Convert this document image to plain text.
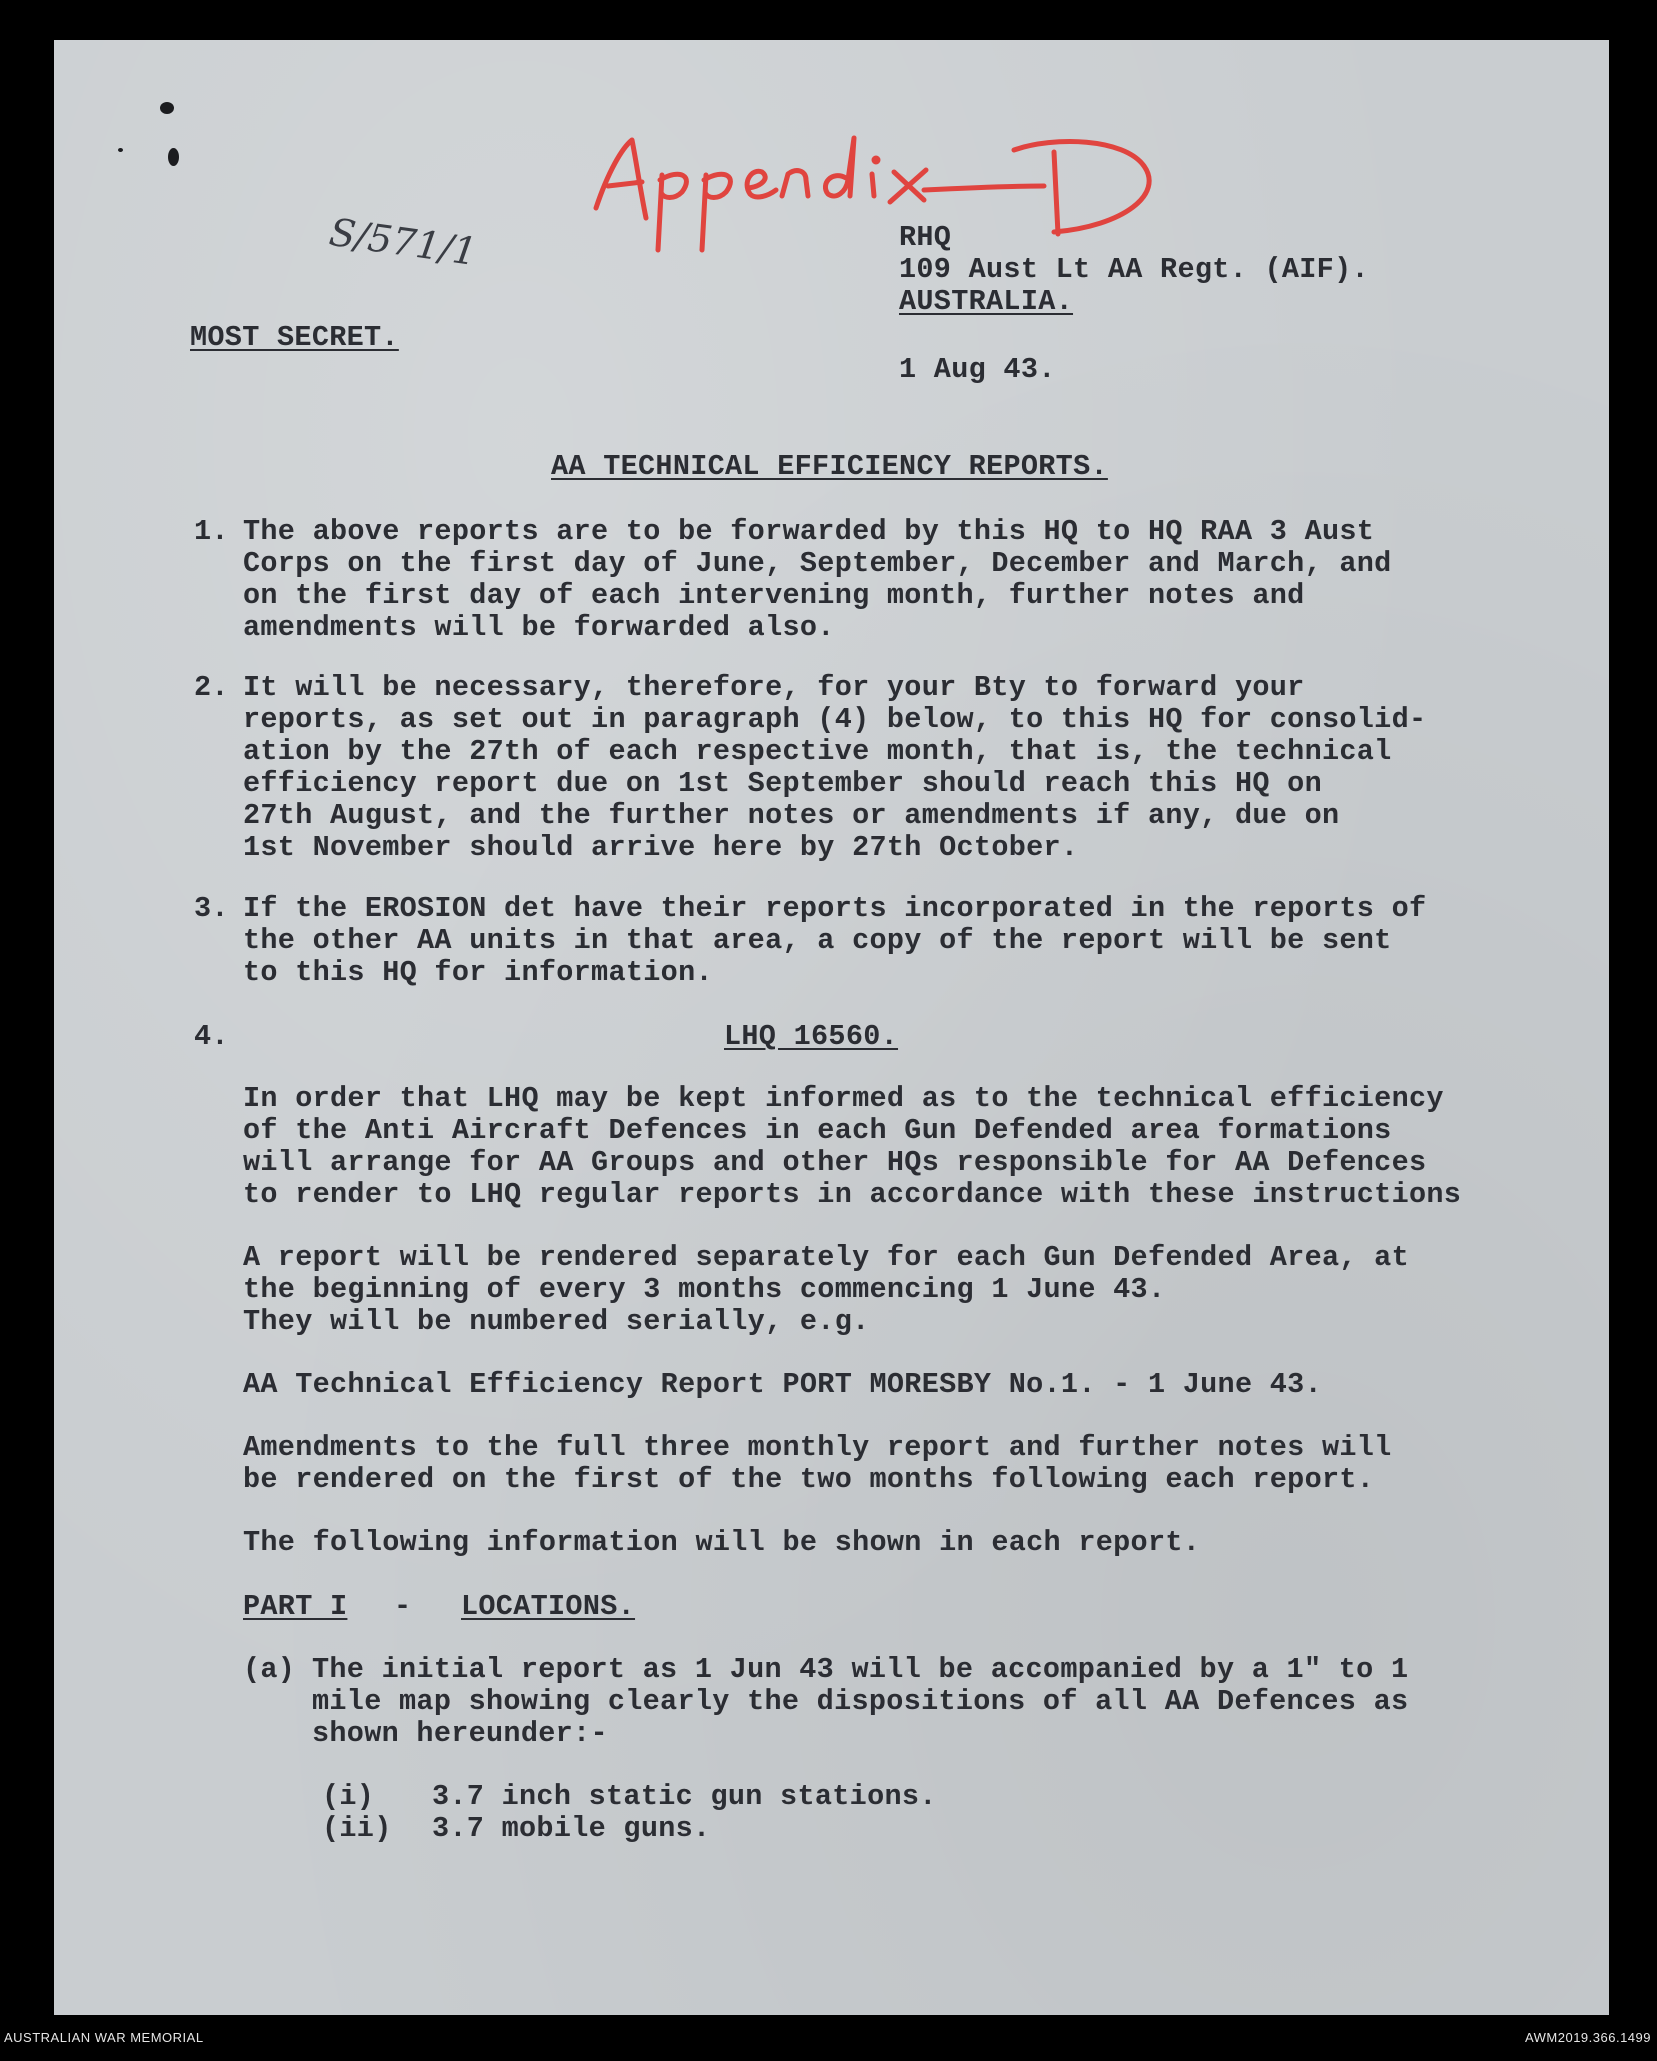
S/571/1	RHQ
109 Aust Lt AA Regt. (AIF).
AUSTRALIA.
MOST SECRET.
1 Aug 43.
AA TECHNICAL EFFICIENCY REPORTS.
1. The above reports are to be forwarded by this HQ to HQ RAA 3 Aust
Corps on the first day of June, September, December and March, and
on the first day of each intervening month, further notes and
amendments will be forwarded also.
2. It will be necessary, therefore, for your Bty to forward your
reports, as set out in paragraph (4) below, to this HQ for consolid-
ation by the 27th of each respective month, that is, the technical
efficiency report due on 1st September should reach this HQ on
27th August, and the further notes or amendments if any, due on
1st November should arrive here by 27th October.
3. If the EROSION det have their reports incorporated in the reports of
the other AA units in that area, a copy of the report will be sent
to this HQ for information.
4.	LHQ 16560.
In order that LHQ may be kept informed as to the technical efficiency
of the Anti Aircraft Defences in each Gun Defended area formations
will arrange for AA Groups and other HQs responsible for AA Defences
to render to LHQ regular reports in accordance with these instructions
A report will be rendered separately for each Gun Defended Area, at
the beginning of every 3 months commencing 1 June 43.
They will be numbered serially, e.g.
AA Technical Efficiency Report PORT MORESBY No.1. - 1 June 43.
Amendments to the full three monthly report and further notes will
be rendered on the first of the two months following each report.
The following information will be shown in each report.
PART I - LOCATIONS.
(a) The initial report as 1 Jun 43 will be accompanied by a 1" to 1
mile map showing clearly the dispositions of all AA Defences as
shown hereunder:-
(i) 3.7 inch static gun stations.
(ii) 3.7 mobile guns.
AUSTRALIAN WAR MEMORIAL	AWM2019.366.1499
